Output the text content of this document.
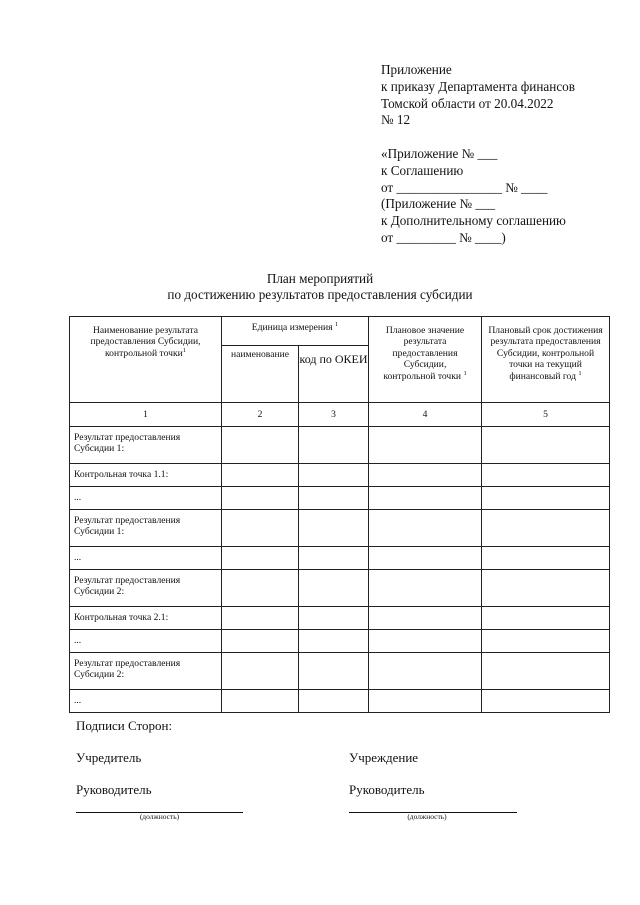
Приложение
к приказу Департамента финансов
Томской области от 20.04.2022
№ 12
«Приложение № ___
к Соглашению
от ________________ № ____
(Приложение № ___
к Дополнительному соглашению
от _________ № ____)
План мероприятий
по достижению результатов предоставления субсидии
Наименование результата предоставления Субсидии, контрольной точки$^1$	Единица измерения $^1$		Плановое значение результата предоставления Субсидии, контрольной точки $^1$	Плановый срок достижения результата предоставления Субсидии, контрольной точки на текущий финансовый год $^1$
	наименование	код по ОКЕИ		
1	2	3	4	5
Результат предоставления Субсидии 1:				
Контрольная точка 1.1:				
...				
Результат предоставления Субсидии 1:				
...				
Результат предоставления Субсидии 2:				
Контрольная точка 2.1:				
...				
Результат предоставления Субсидии 2:				
...				
Подписи Сторон:
Учредитель	Учреждение
Руководитель	Руководитель
(должность)	(должность)
